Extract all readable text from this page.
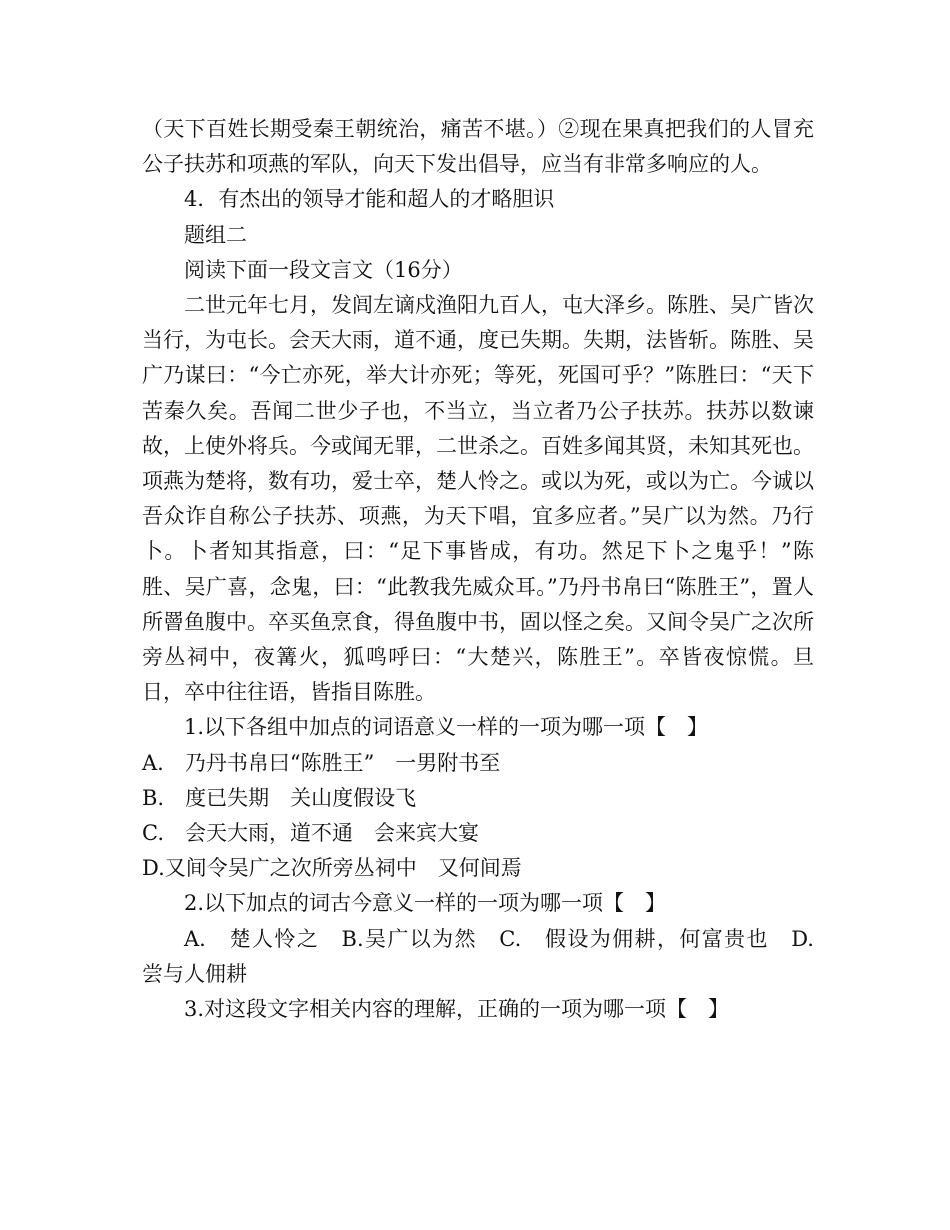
（天下百姓长期受秦王朝统治，痛苦不堪。）②现在果真把我们的人冒充公子扶苏和项燕的军队，向天下发出倡导，应当有非常多响应的人。

4．有杰出的领导才能和超人的才略胆识

题组二

阅读下面一段文言文（16分）

二世元年七月，发闾左谪戍渔阳九百人，屯大泽乡。陈胜、吴广皆次当行，为屯长。会天大雨，道不通，度已失期。失期，法皆斩。陈胜、吴广乃谋曰：“今亡亦死，举大计亦死；等死，死国可乎？”陈胜曰：“天下苦秦久矣。吾闻二世少子也，不当立，当立者乃公子扶苏。扶苏以数谏故，上使外将兵。今或闻无罪，二世杀之。百姓多闻其贤，未知其死也。项燕为楚将，数有功，爱士卒，楚人怜之。或以为死，或以为亡。今诚以吾众诈自称公子扶苏、项燕，为天下唱，宜多应者。”吴广以为然。乃行卜。卜者知其指意，曰：“足下事皆成，有功。然足下卜之鬼乎！”陈胜、吴广喜，念鬼，曰：“此教我先威众耳。”乃丹书帛曰“陈胜王”，置人所罾鱼腹中。卒买鱼烹食，得鱼腹中书，固以怪之矣。又间令吴广之次所旁丛祠中，夜篝火，狐鸣呼曰：“大楚兴，陈胜王”。卒皆夜惊慌。旦日，卒中往往语，皆指目陈胜。

1.以下各组中加点的词语意义一样的一项为哪一项【　】

A.　乃丹书帛曰“陈胜王”　一男附书至

B.　度已失期　关山度假设飞

C.　会天大雨，道不通　会来宾大宴

D.又间令吴广之次所旁丛祠中　又何间焉

2.以下加点的词古今意义一样的一项为哪一项【　】

A.　楚人怜之　B.吴广以为然　C.　假设为佣耕，何富贵也　D.　尝与人佣耕

3.对这段文字相关内容的理解，正确的一项为哪一项【　】
